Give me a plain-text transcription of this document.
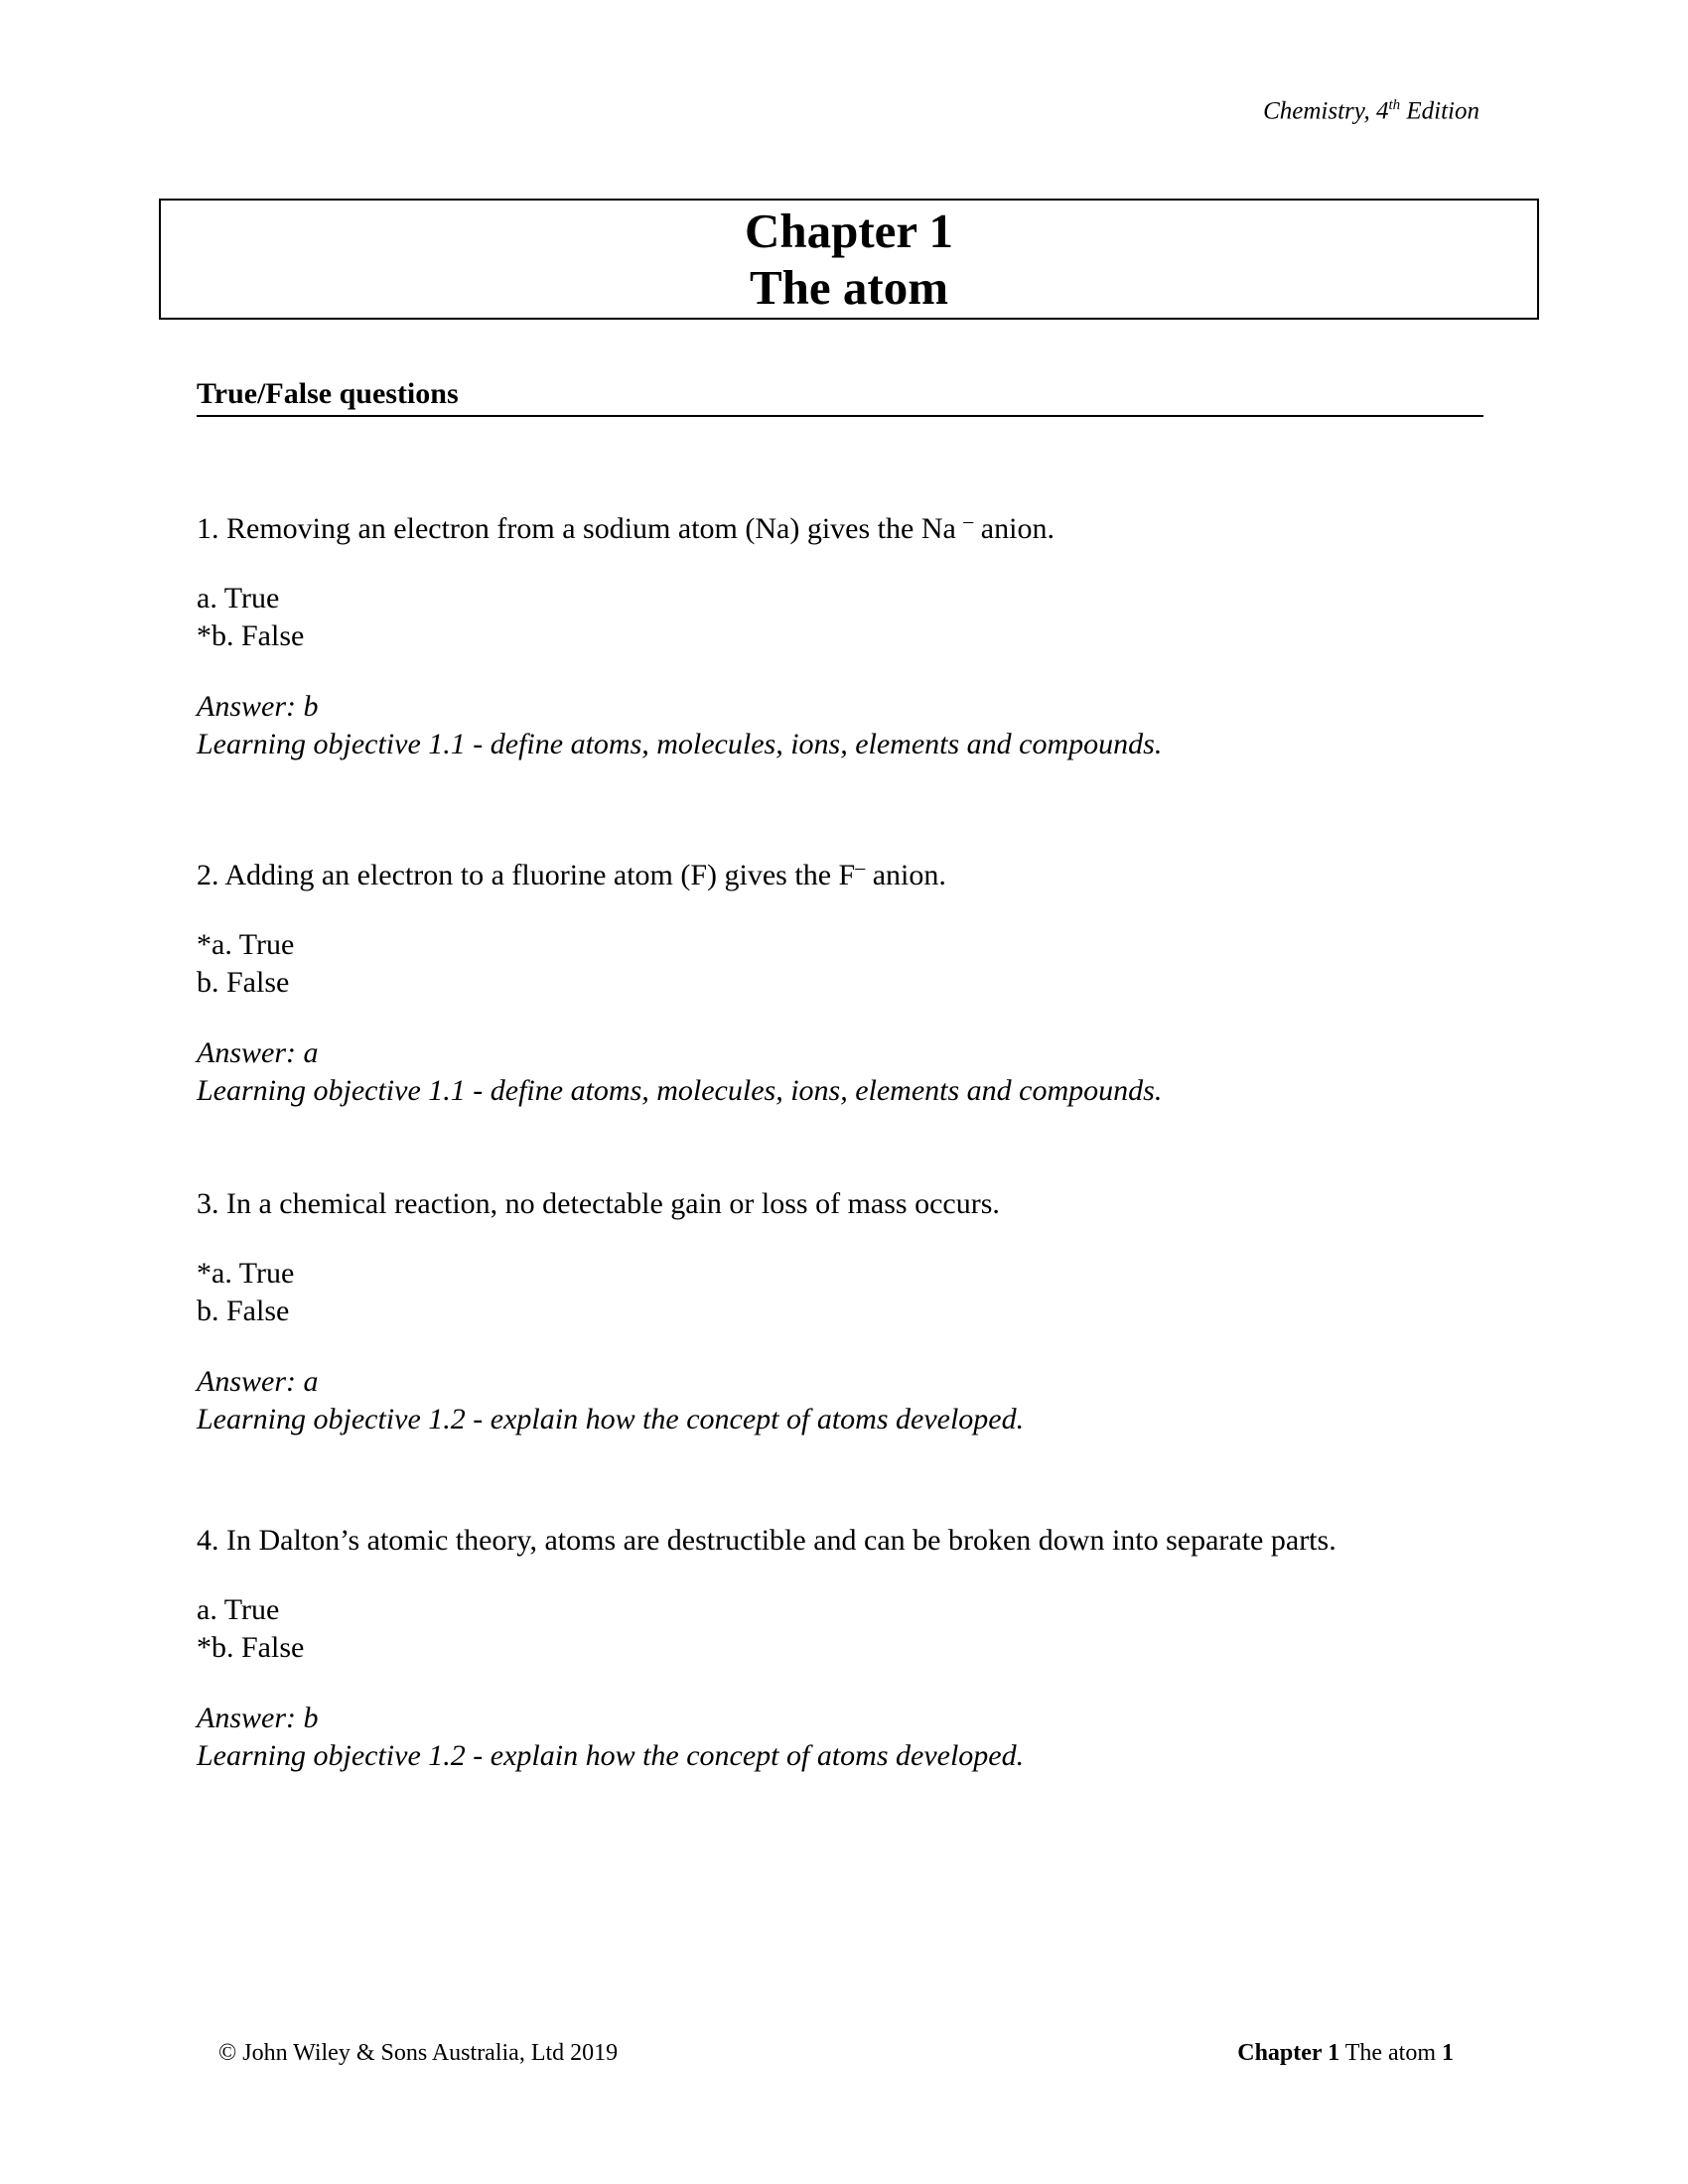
Chemistry, 4th Edition
Chapter 1
The atom
True/False questions
1. Removing an electron from a sodium atom (Na) gives the Na – anion.
a. True
*b. False
Answer: b
Learning objective 1.1 - define atoms, molecules, ions, elements and compounds.
2. Adding an electron to a fluorine atom (F) gives the F– anion.
*a. True
b. False
Answer: a
Learning objective 1.1 - define atoms, molecules, ions, elements and compounds.
3. In a chemical reaction, no detectable gain or loss of mass occurs.
*a. True
b. False
Answer: a
Learning objective 1.2 - explain how the concept of atoms developed.
4. In Dalton’s atomic theory, atoms are destructible and can be broken down into separate parts.
a. True
*b. False
Answer: b
Learning objective 1.2 - explain how the concept of atoms developed.
© John Wiley & Sons Australia, Ltd 2019	Chapter 1 The atom 1
